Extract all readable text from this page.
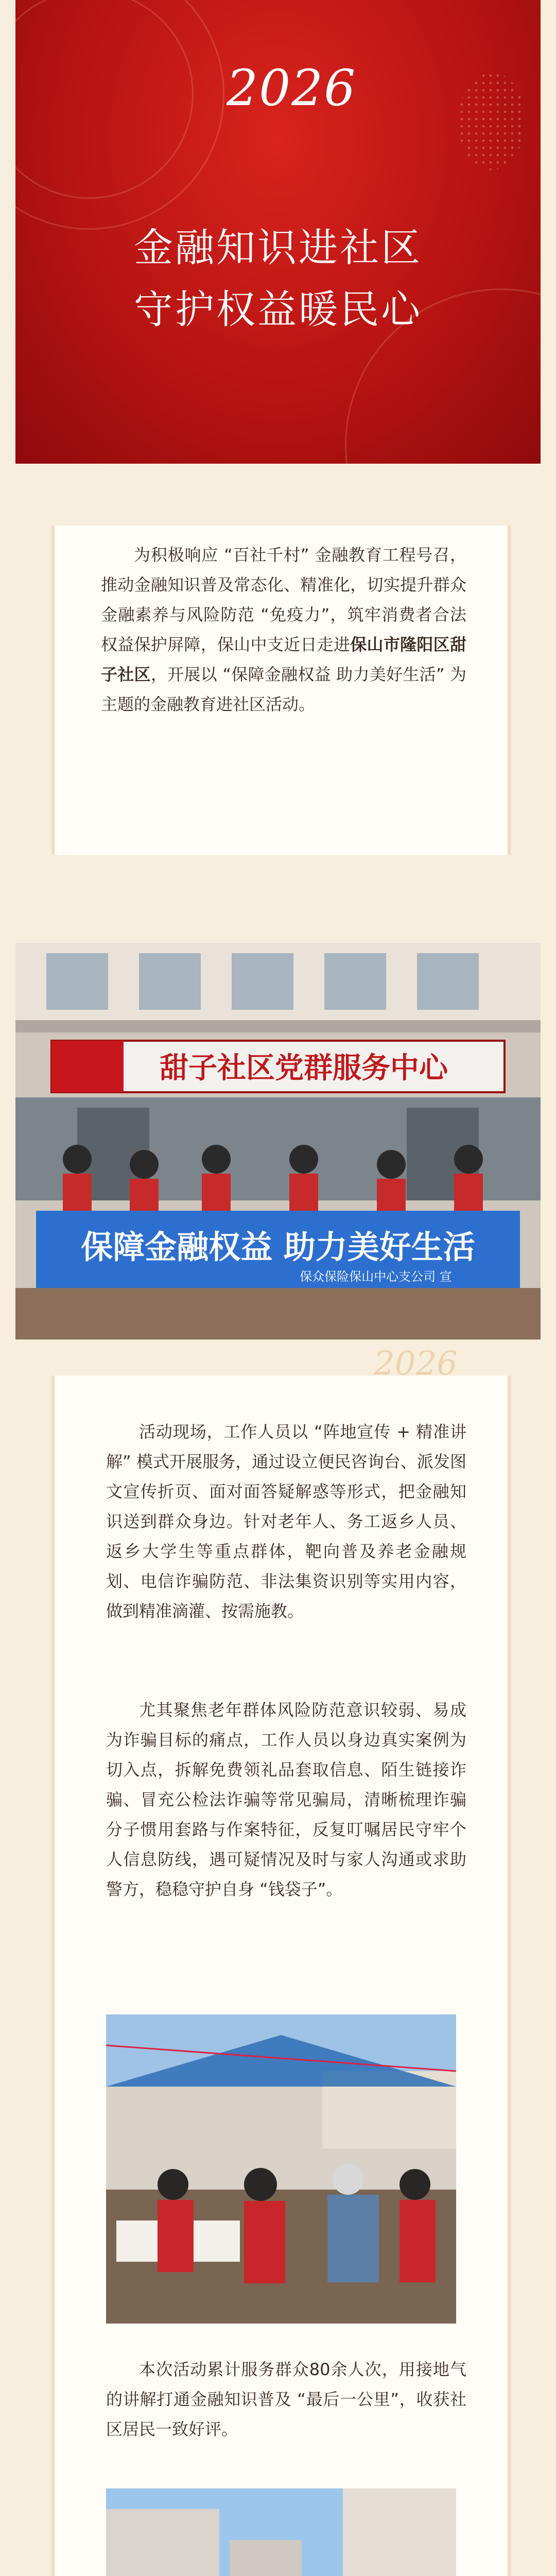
2026
金融知识进社区
守护权益暖民心

为积极响应 “百社千村” 金融教育工程号召，推动金融知识普及常态化、精准化，切实提升群众金融素养与风险防范 “免疫力”，筑牢消费者合法权益保护屏障，保山中支近日走进保山市隆阳区甜子社区，开展以 “保障金融权益 助力美好生活” 为主题的金融教育进社区活动。

甜子社区党群服务中心
保障金融权益 助力美好生活
保众保险保山中心支公司 宣
2026

活动现场，工作人员以 “阵地宣传 + 精准讲解” 模式开展服务，通过设立便民咨询台、派发图文宣传折页、面对面答疑解惑等形式，把金融知识送到群众身边。针对老年人、务工返乡人员、返乡大学生等重点群体，靶向普及养老金融规划、电信诈骗防范、非法集资识别等实用内容，做到精准滴灌、按需施教。

尤其聚焦老年群体风险防范意识较弱、易成为诈骗目标的痛点，工作人员以身边真实案例为切入点，拆解免费领礼品套取信息、陌生链接诈骗、冒充公检法诈骗等常见骗局，清晰梳理诈骗分子惯用套路与作案特征，反复叮嘱居民守牢个人信息防线，遇可疑情况及时与家人沟通或求助警方，稳稳守护自身 “钱袋子”。

本次活动累计服务群众80余人次，用接地气的讲解打通金融知识普及 “最后一公里”，收获社区居民一致好评。
